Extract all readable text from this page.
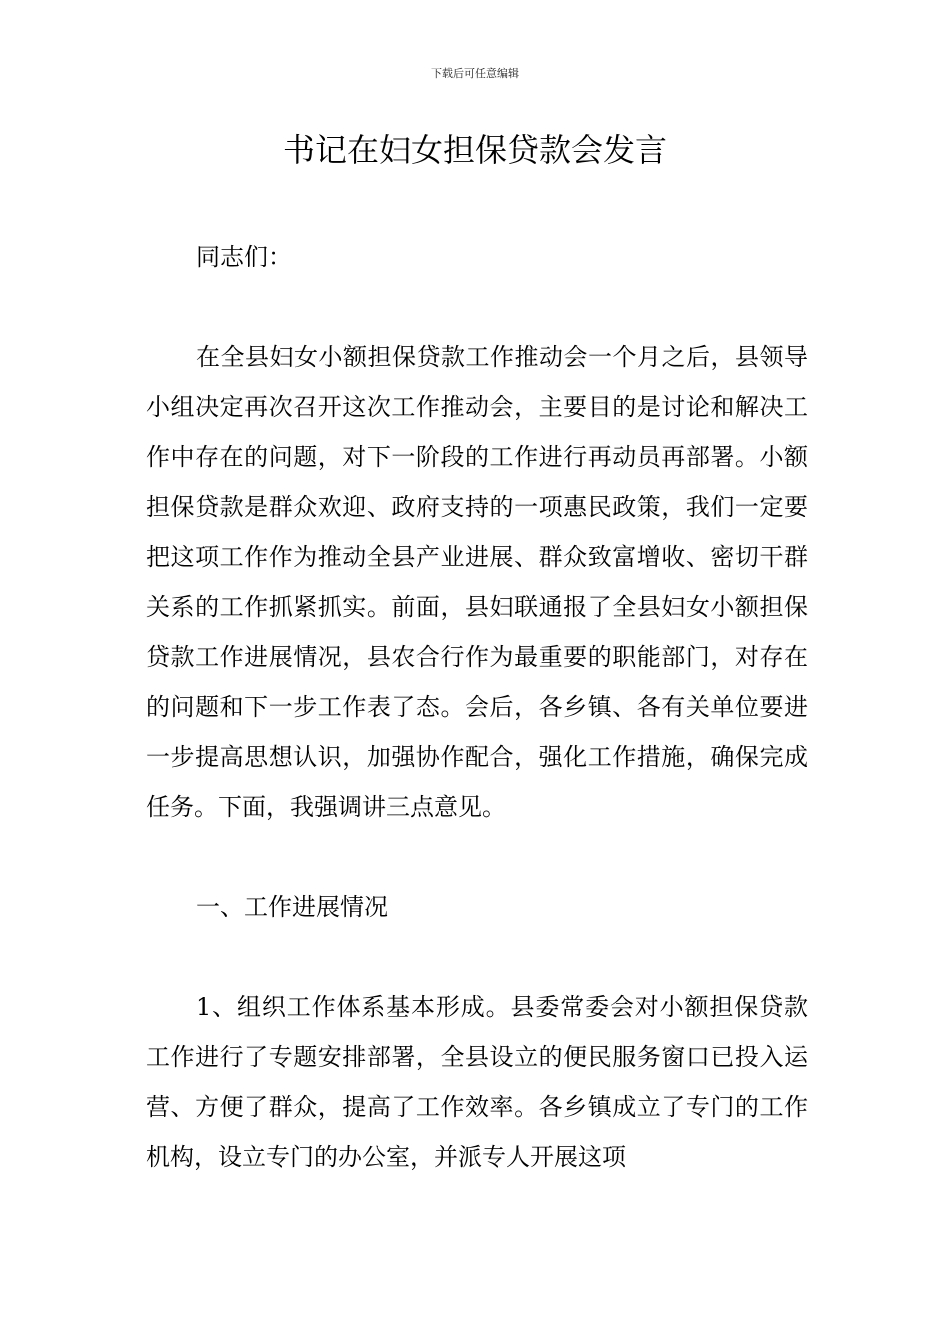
下载后可任意编辑
书记在妇女担保贷款会发言

同志们：

在全县妇女小额担保贷款工作推动会一个月之后，县领导小组决定再次召开这次工作推动会，主要目的是讨论和解决工作中存在的问题，对下一阶段的工作进行再动员再部署。小额担保贷款是群众欢迎、政府支持的一项惠民政策，我们一定要把这项工作作为推动全县产业进展、群众致富增收、密切干群关系的工作抓紧抓实。前面，县妇联通报了全县妇女小额担保贷款工作进展情况，县农合行作为最重要的职能部门，对存在的问题和下一步工作表了态。会后，各乡镇、各有关单位要进一步提高思想认识，加强协作配合，强化工作措施，确保完成任务。下面，我强调讲三点意见。

一、工作进展情况

1、组织工作体系基本形成。县委常委会对小额担保贷款工作进行了专题安排部署，全县设立的便民服务窗口已投入运营、方便了群众，提高了工作效率。各乡镇成立了专门的工作机构，设立专门的办公室，并派专人开展这项
